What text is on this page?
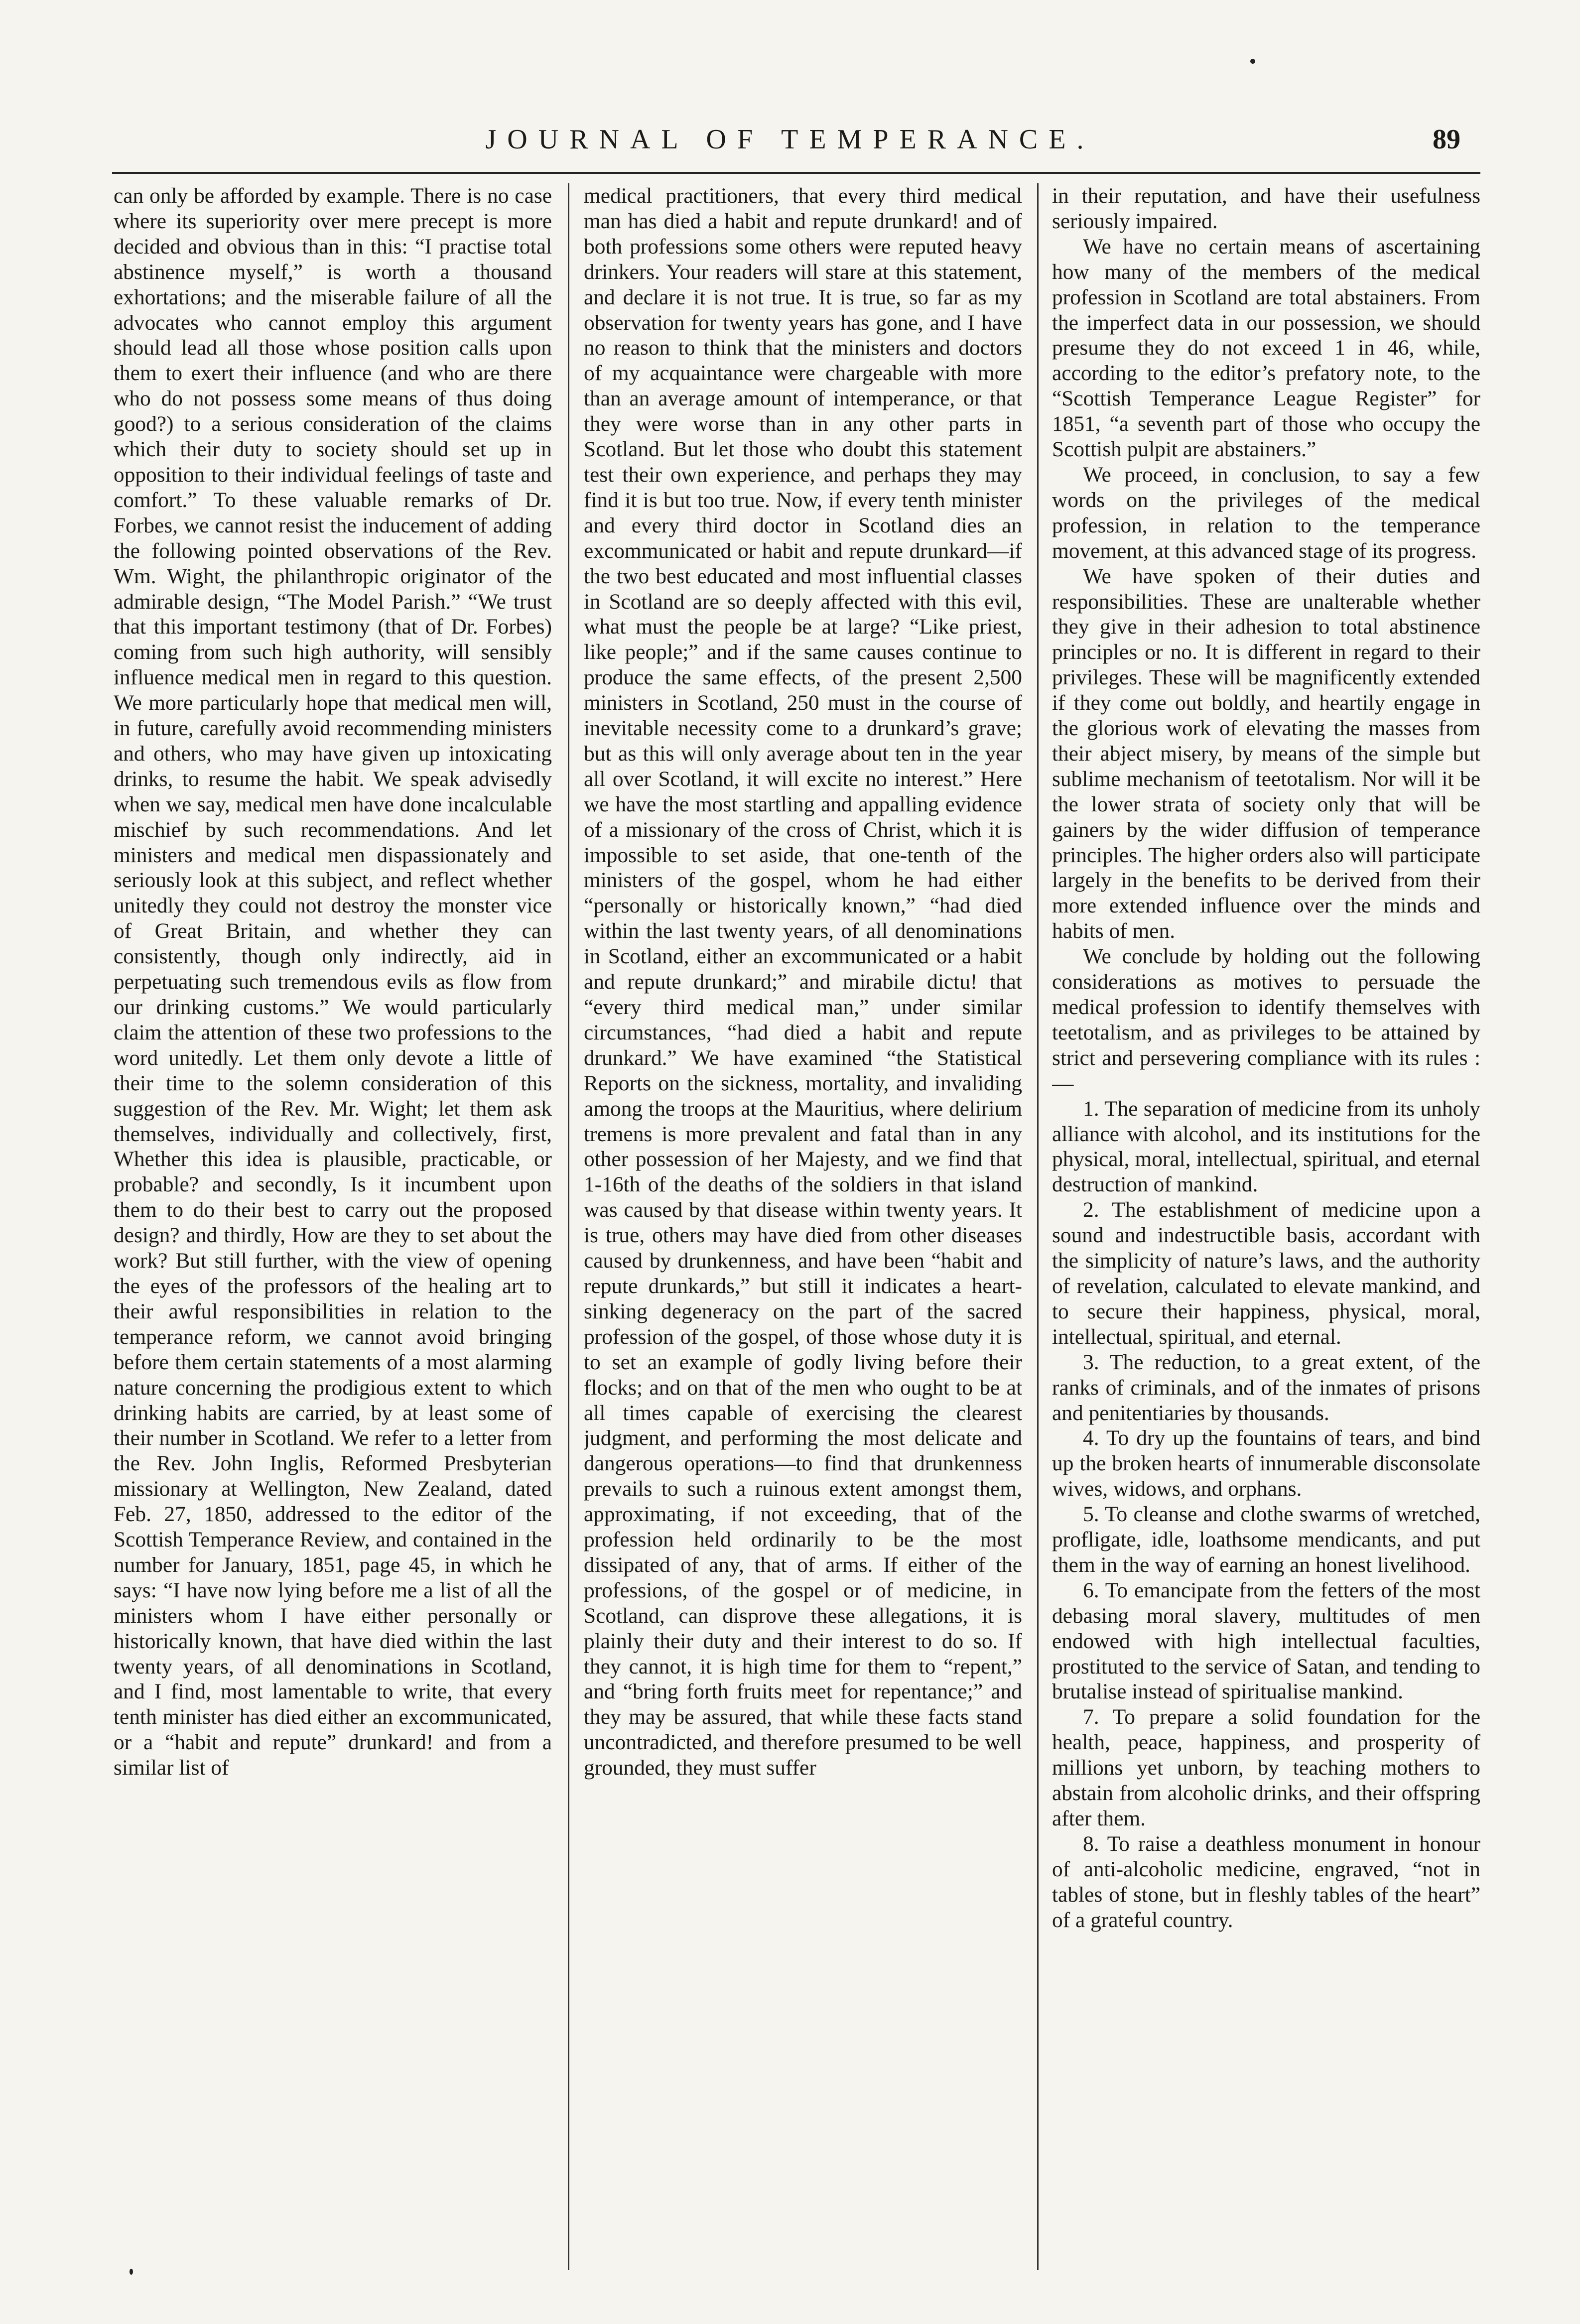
JOURNAL OF TEMPERANCE.	89

can only be afforded by example. There is no case where its superiority over mere precept is more decided and obvious than in this: “I practise total abstinence myself,” is worth a thousand exhortations; and the miserable failure of all the advocates who cannot employ this argument should lead all those whose position calls upon them to exert their influence (and who are there who do not possess some means of thus doing good?) to a serious consideration of the claims which their duty to society should set up in opposition to their individual feelings of taste and comfort.” To these valuable remarks of Dr. Forbes, we cannot resist the inducement of adding the following pointed observations of the Rev. Wm. Wight, the philanthropic originator of the admirable design, “The Model Parish.” “We trust that this important testimony (that of Dr. Forbes) coming from such high authority, will sensibly influence medical men in regard to this question. We more particularly hope that medical men will, in future, carefully avoid recommending ministers and others, who may have given up intoxicating drinks, to resume the habit. We speak advisedly when we say, medical men have done incalculable mischief by such recommendations. And let ministers and medical men dispassionately and seriously look at this subject, and reflect whether unitedly they could not destroy the monster vice of Great Britain, and whether they can consistently, though only indirectly, aid in perpetuating such tremendous evils as flow from our drinking customs.” We would particularly claim the attention of these two professions to the word unitedly. Let them only devote a little of their time to the solemn consideration of this suggestion of the Rev. Mr. Wight; let them ask themselves, individually and collectively, first, Whether this idea is plausible, practicable, or probable? and secondly, Is it incumbent upon them to do their best to carry out the proposed design? and thirdly, How are they to set about the work? But still further, with the view of opening the eyes of the professors of the healing art to their awful responsibilities in relation to the temperance reform, we cannot avoid bringing before them certain statements of a most alarming nature concerning the prodigious extent to which drinking habits are carried, by at least some of their number in Scotland. We refer to a letter from the Rev. John Inglis, Reformed Presbyterian missionary at Wellington, New Zealand, dated Feb. 27, 1850, addressed to the editor of the Scottish Temperance Review, and contained in the number for January, 1851, page 45, in which he says: “I have now lying before me a list of all the ministers whom I have either personally or historically known, that have died within the last twenty years, of all denominations in Scotland, and I find, most lamentable to write, that every tenth minister has died either an excommunicated, or a “habit and repute” drunkard! and from a similar list of

medical practitioners, that every third medical man has died a habit and repute drunkard! and of both professions some others were reputed heavy drinkers. Your readers will stare at this statement, and declare it is not true. It is true, so far as my observation for twenty years has gone, and I have no reason to think that the ministers and doctors of my acquaintance were chargeable with more than an average amount of intemperance, or that they were worse than in any other parts in Scotland. But let those who doubt this statement test their own experience, and perhaps they may find it is but too true. Now, if every tenth minister and every third doctor in Scotland dies an excommunicated or habit and repute drunkard—if the two best educated and most influential classes in Scotland are so deeply affected with this evil, what must the people be at large? “Like priest, like people;” and if the same causes continue to produce the same effects, of the present 2,500 ministers in Scotland, 250 must in the course of inevitable necessity come to a drunkard’s grave; but as this will only average about ten in the year all over Scotland, it will excite no interest.” Here we have the most startling and appalling evidence of a missionary of the cross of Christ, which it is impossible to set aside, that one-tenth of the ministers of the gospel, whom he had either “personally or historically known,” “had died within the last twenty years, of all denominations in Scotland, either an excommunicated or a habit and repute drunkard;” and mirabile dictu! that “every third medical man,” under similar circumstances, “had died a habit and repute drunkard.” We have examined “the Statistical Reports on the sickness, mortality, and invaliding among the troops at the Mauritius, where delirium tremens is more prevalent and fatal than in any other possession of her Majesty, and we find that 1-16th of the deaths of the soldiers in that island was caused by that disease within twenty years. It is true, others may have died from other diseases caused by drunkenness, and have been “habit and repute drunkards,” but still it indicates a heart-sinking degeneracy on the part of the sacred profession of the gospel, of those whose duty it is to set an example of godly living before their flocks; and on that of the men who ought to be at all times capable of exercising the clearest judgment, and performing the most delicate and dangerous operations—to find that drunkenness prevails to such a ruinous extent amongst them, approximating, if not exceeding, that of the profession held ordinarily to be the most dissipated of any, that of arms. If either of the professions, of the gospel or of medicine, in Scotland, can disprove these allegations, it is plainly their duty and their interest to do so. If they cannot, it is high time for them to “repent,” and “bring forth fruits meet for repentance;” and they may be assured, that while these facts stand uncontradicted, and therefore presumed to be well grounded, they must suffer

in their reputation, and have their usefulness seriously impaired.

We have no certain means of ascertaining how many of the members of the medical profession in Scotland are total abstainers. From the imperfect data in our possession, we should presume they do not exceed 1 in 46, while, according to the editor’s prefatory note, to the “Scottish Temperance League Register” for 1851, “a seventh part of those who occupy the Scottish pulpit are abstainers.”

We proceed, in conclusion, to say a few words on the privileges of the medical profession, in relation to the temperance movement, at this advanced stage of its progress.

We have spoken of their duties and responsibilities. These are unalterable whether they give in their adhesion to total abstinence principles or no. It is different in regard to their privileges. These will be magnificently extended if they come out boldly, and heartily engage in the glorious work of elevating the masses from their abject misery, by means of the simple but sublime mechanism of teetotalism. Nor will it be the lower strata of society only that will be gainers by the wider diffusion of temperance principles. The higher orders also will participate largely in the benefits to be derived from their more extended influence over the minds and habits of men.

We conclude by holding out the following considerations as motives to persuade the medical profession to identify themselves with teetotalism, and as privileges to be attained by strict and persevering compliance with its rules :—

1. The separation of medicine from its unholy alliance with alcohol, and its institutions for the physical, moral, intellectual, spiritual, and eternal destruction of mankind.

2. The establishment of medicine upon a sound and indestructible basis, accordant with the simplicity of nature’s laws, and the authority of revelation, calculated to elevate mankind, and to secure their happiness, physical, moral, intellectual, spiritual, and eternal.

3. The reduction, to a great extent, of the ranks of criminals, and of the inmates of prisons and penitentiaries by thousands.

4. To dry up the fountains of tears, and bind up the broken hearts of innumerable disconsolate wives, widows, and orphans.

5. To cleanse and clothe swarms of wretched, profligate, idle, loathsome mendicants, and put them in the way of earning an honest livelihood.

6. To emancipate from the fetters of the most debasing moral slavery, multitudes of men endowed with high intellectual faculties, prostituted to the service of Satan, and tending to brutalise instead of spiritualise mankind.

7. To prepare a solid foundation for the health, peace, happiness, and prosperity of millions yet unborn, by teaching mothers to abstain from alcoholic drinks, and their offspring after them.

8. To raise a deathless monument in honour of anti-alcoholic medicine, engraved, “not in tables of stone, but in fleshly tables of the heart” of a grateful country.
